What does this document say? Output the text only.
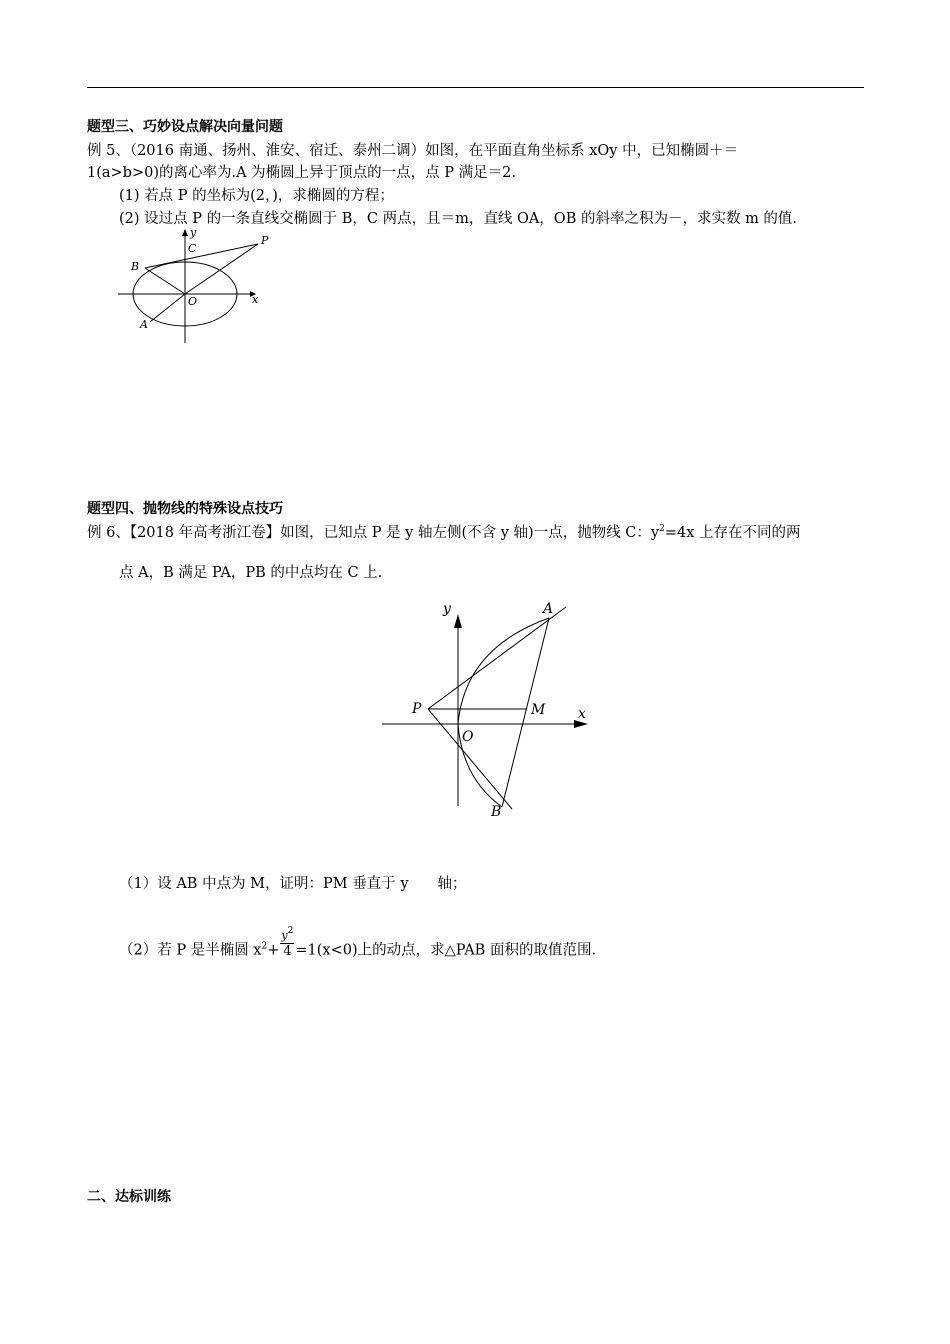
题型三、巧妙设点解决向量问题
例 5、（2016 南通、扬州、淮安、宿迁、泰州二调）如图，在平面直角坐标系 xOy 中，已知椭圆＋＝
1(a>b>0)的离心率为.A 为椭圆上异于顶点的一点，点 P 满足＝2.
(1) 若点 P 的坐标为(2，)，求椭圆的方程；
(2) 设过点 P 的一条直线交椭圆于 B，C 两点，且＝m，直线 OA，OB 的斜率之积为－，求实数 m 的值.
y
x
O
A
B
C
P
题型四、抛物线的特殊设点技巧
例 6、【2018 年高考浙江卷】如图，已知点 P 是 y 轴左侧(不含 y 轴)一点，抛物线 C：$y^2=4x$ 上存在不同的两
点 A，B 满足 PA，PB 的中点均在 C 上.
y
x
A
P	M
O
B
（1）设 AB 中点为 M，证明：PM 垂直于 y　　轴；
（2）若 P 是半椭圆 $x^2+ \frac{y^2}{4} =1(x<0)$上的动点，求△PAB 面积的取值范围.
二、达标训练
